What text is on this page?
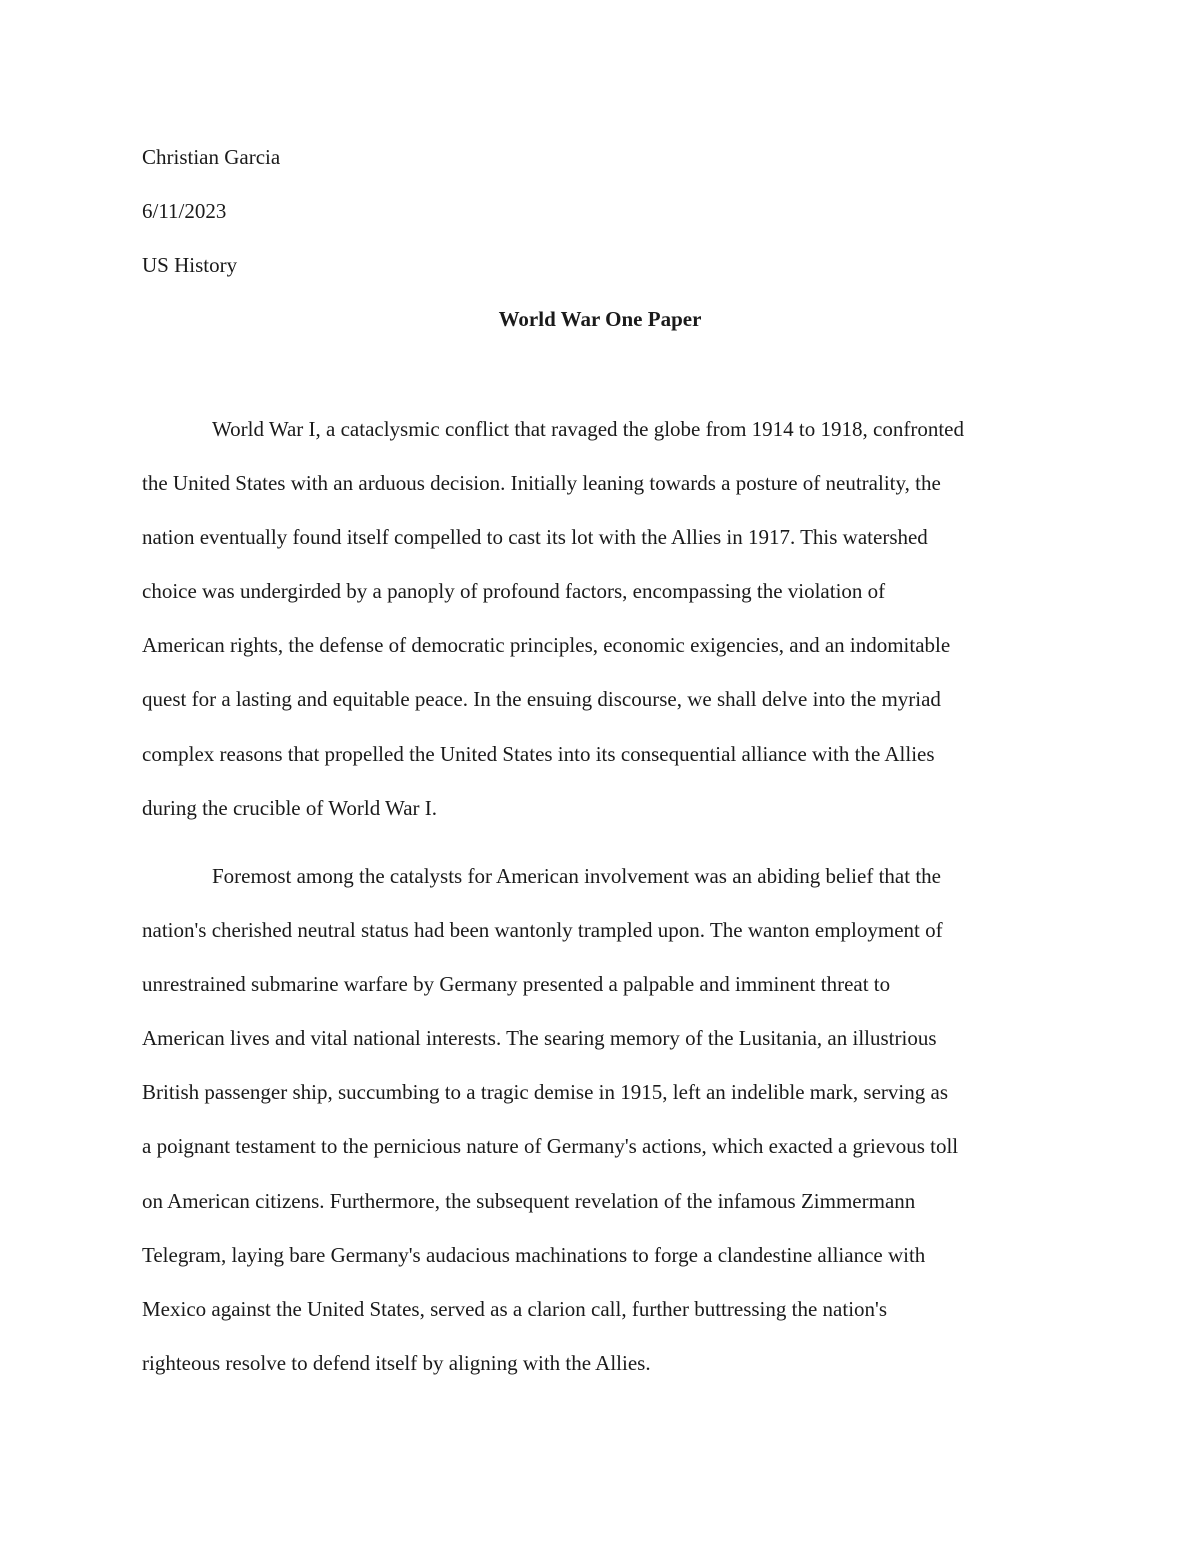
Christian Garcia

6/11/2023

US History

World War One Paper

World War I, a cataclysmic conflict that ravaged the globe from 1914 to 1918, confronted
the United States with an arduous decision. Initially leaning towards a posture of neutrality, the
nation eventually found itself compelled to cast its lot with the Allies in 1917. This watershed
choice was undergirded by a panoply of profound factors, encompassing the violation of
American rights, the defense of democratic principles, economic exigencies, and an indomitable
quest for a lasting and equitable peace. In the ensuing discourse, we shall delve into the myriad
complex reasons that propelled the United States into its consequential alliance with the Allies
during the crucible of World War I.
Foremost among the catalysts for American involvement was an abiding belief that the
nation's cherished neutral status had been wantonly trampled upon. The wanton employment of
unrestrained submarine warfare by Germany presented a palpable and imminent threat to
American lives and vital national interests. The searing memory of the Lusitania, an illustrious
British passenger ship, succumbing to a tragic demise in 1915, left an indelible mark, serving as
a poignant testament to the pernicious nature of Germany's actions, which exacted a grievous toll
on American citizens. Furthermore, the subsequent revelation of the infamous Zimmermann
Telegram, laying bare Germany's audacious machinations to forge a clandestine alliance with
Mexico against the United States, served as a clarion call, further buttressing the nation's
righteous resolve to defend itself by aligning with the Allies.
